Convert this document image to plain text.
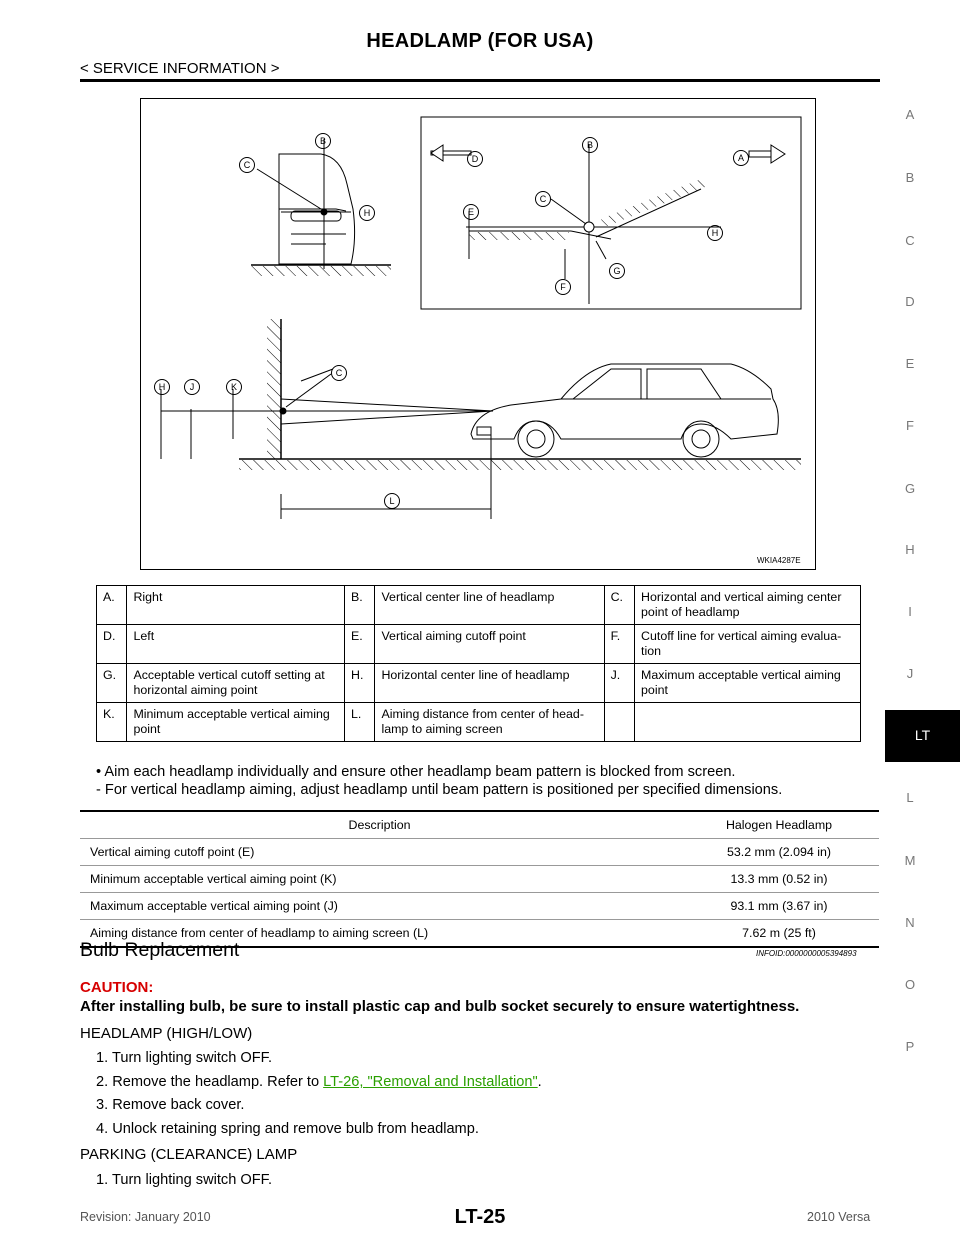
HEADLAMP (FOR USA)
< SERVICE INFORMATION >
A
B
C
D
E
F
G
H
I
J
L
M
N
O
P
LT
B
C
H
B
D	A
C
E
H
G
F
C
H	J	K
L
WKIA4287E
A.	Right	B.	Vertical center line of headlamp	C.	Horizontal and vertical aiming center point of headlamp
D.	Left	E.	Vertical aiming cutoff point	F.	Cutoff line for vertical aiming evalua-tion
G.	Acceptable vertical cutoff setting at horizontal aiming point	H.	Horizontal center line of headlamp	J.	Maximum acceptable vertical aiming point
K.	Minimum acceptable vertical aiming point	L.	Aiming distance from center of head-lamp to aiming screen		
• Aim each headlamp individually and ensure other headlamp beam pattern is blocked from screen.
- For vertical headlamp aiming, adjust headlamp until beam pattern is positioned per specified dimensions.
Description	Halogen Headlamp
Vertical aiming cutoff point (E)	53.2 mm (2.094 in)
Minimum acceptable vertical aiming point (K)	13.3 mm (0.52 in)
Maximum acceptable vertical aiming point (J)	93.1 mm (3.67 in)
Aiming distance from center of headlamp to aiming screen (L)	7.62 m (25 ft)
Bulb Replacement	INFOID:0000000005394893
CAUTION:
After installing bulb, be sure to install plastic cap and bulb socket securely to ensure watertightness.
HEADLAMP (HIGH/LOW)
1. Turn lighting switch OFF.
2. Remove the headlamp. Refer to LT-26, "Removal and Installation".
3. Remove back cover.
4. Unlock retaining spring and remove bulb from headlamp.
PARKING (CLEARANCE) LAMP
1. Turn lighting switch OFF.
Revision: January 2010	LT-25	2010 Versa
